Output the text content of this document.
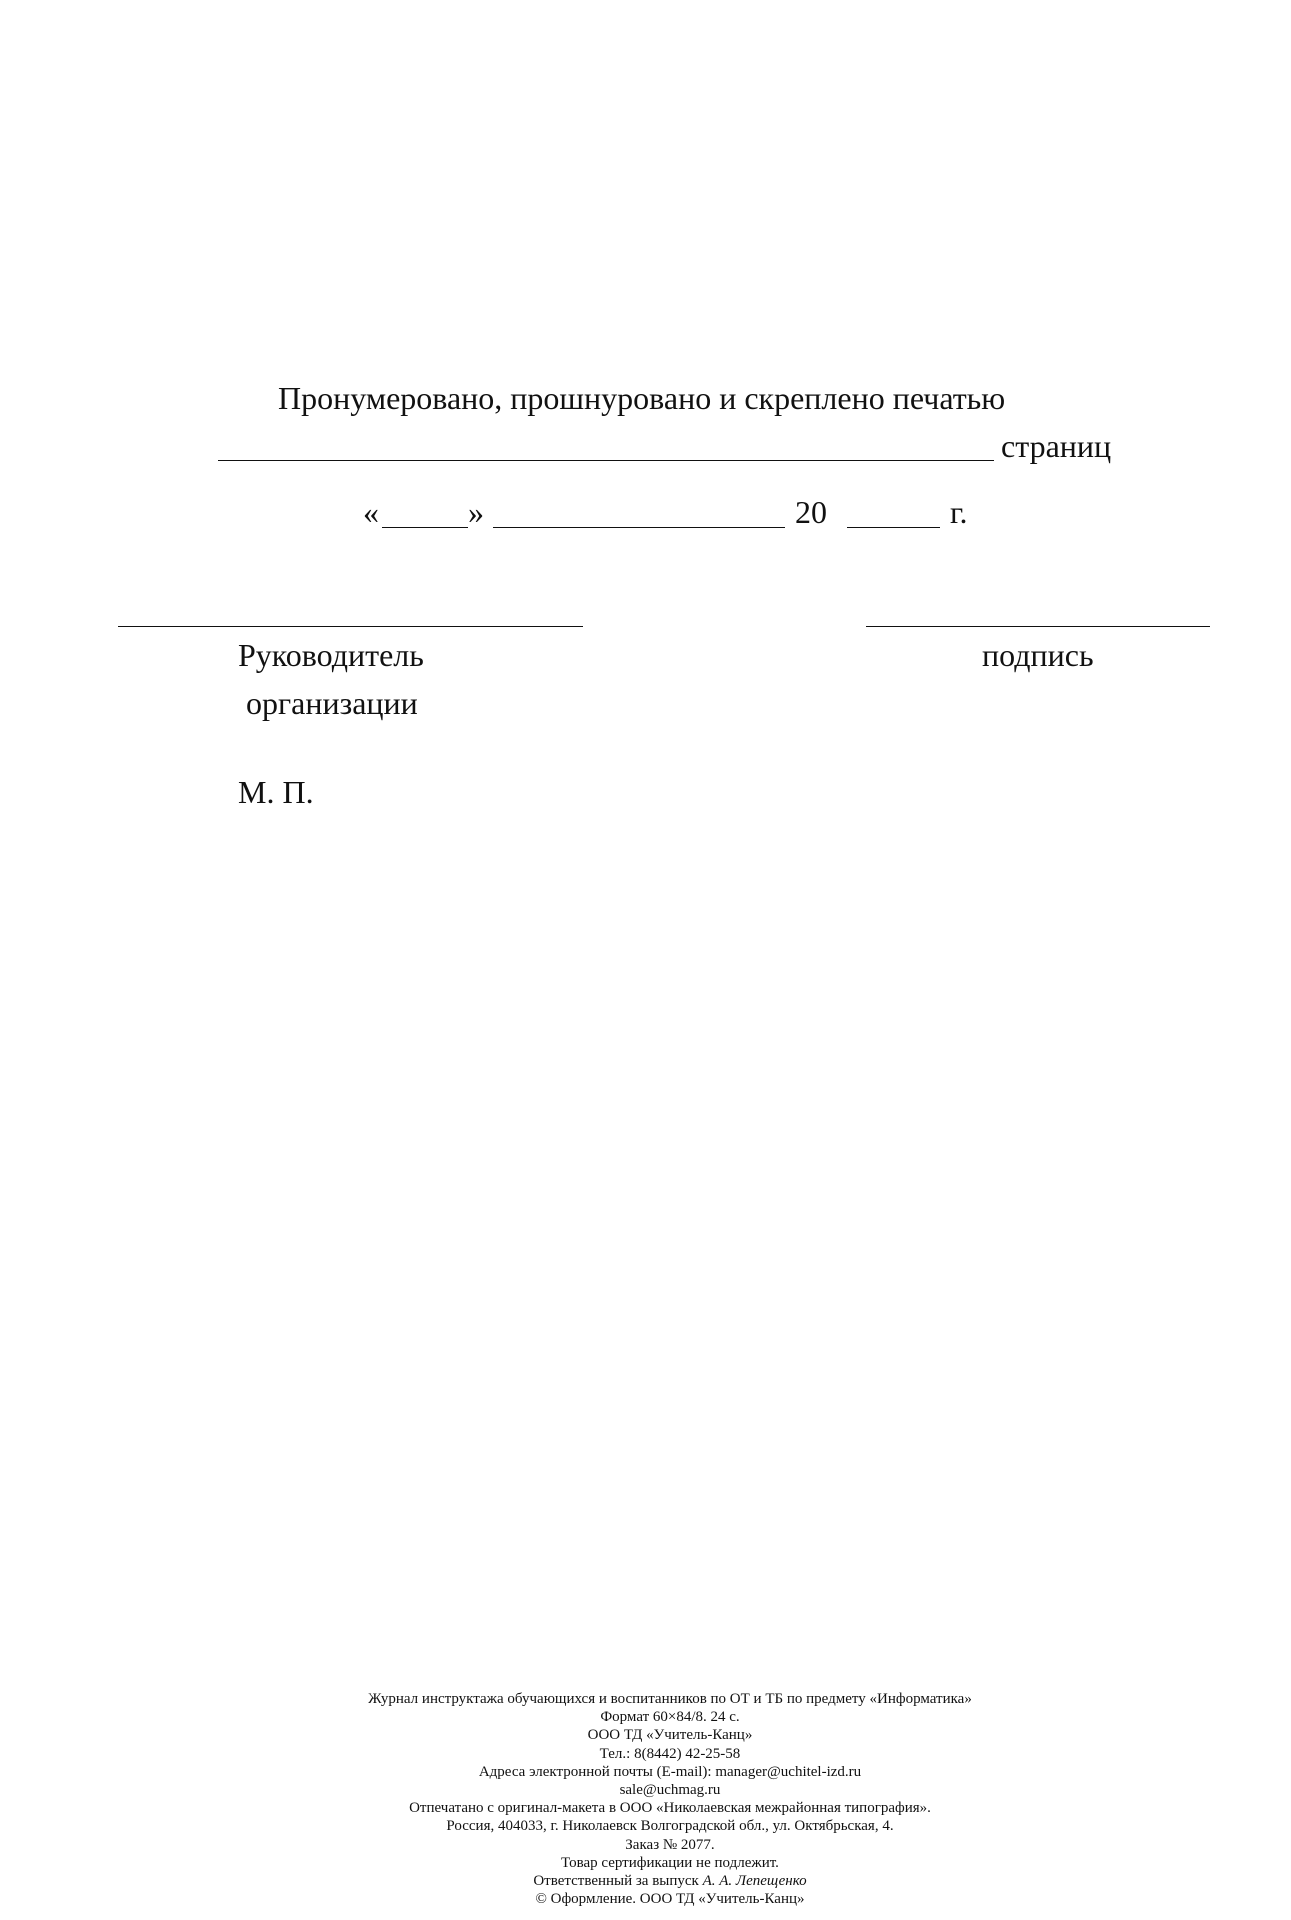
Пронумеровано, прошнуровано и скреплено печатью
страниц
«	»	20	г.
Руководитель
организации
подпись
М. П.
Журнал инструктажа обучающихся и воспитанников по ОТ и ТБ по предмету «Информатика»
Формат 60×84/8. 24 с.
ООО ТД «Учитель-Канц»
Тел.: 8(8442) 42-25-58
Адреса электронной почты (E-mail): manager@uchitel-izd.ru
sale@uchmag.ru
Отпечатано с оригинал-макета в ООО «Николаевская межрайонная типография».
Россия, 404033, г. Николаевск Волгоградской обл., ул. Октябрьская, 4.
Заказ № 2077.
Товар сертификации не подлежит.
Ответственный за выпуск А. А. Лепещенко
© Оформление. ООО ТД «Учитель-Канц»
